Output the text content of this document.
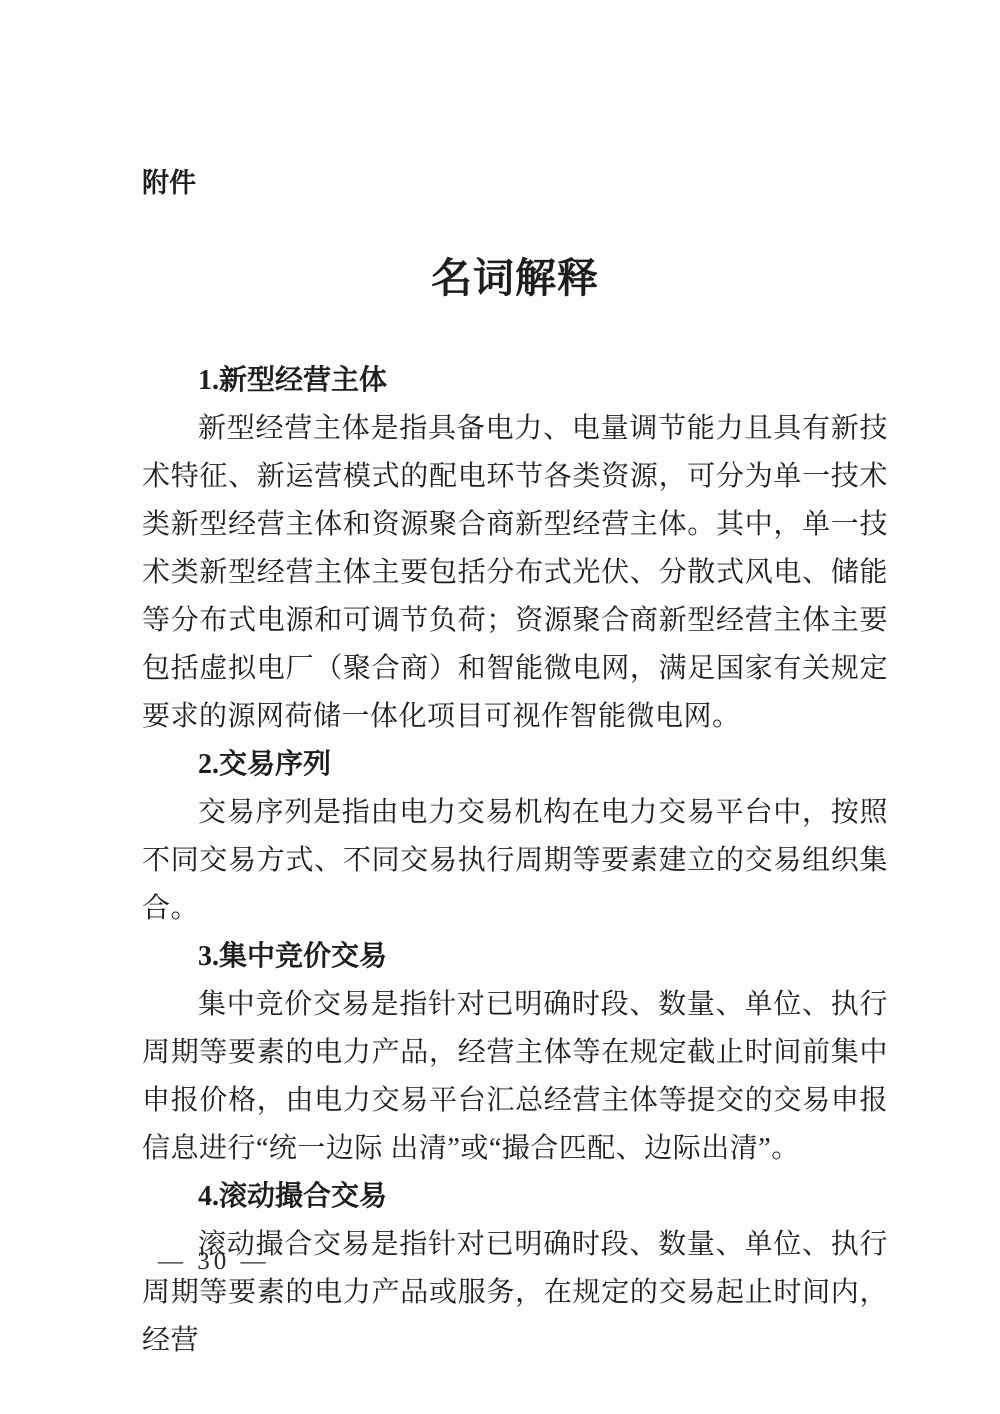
附件
名词解释
1.新型经营主体

新型经营主体是指具备电力、电量调节能力且具有新技术特征、新运营模式的配电环节各类资源，可分为单一技术类新型经营主体和资源聚合商新型经营主体。其中，单一技术类新型经营主体主要包括分布式光伏、分散式风电、储能等分布式电源和可调节负荷；资源聚合商新型经营主体主要包括虚拟电厂（聚合商）和智能微电网，满足国家有关规定要求的源网荷储一体化项目可视作智能微电网。

2.交易序列

交易序列是指由电力交易机构在电力交易平台中，按照不同交易方式、不同交易执行周期等要素建立的交易组织集合。

3.集中竞价交易

集中竞价交易是指针对已明确时段、数量、单位、执行周期等要素的电力产品，经营主体等在规定截止时间前集中申报价格，由电力交易平台汇总经营主体等提交的交易申报信息进行“统一边际 出清”或“撮合匹配、边际出清”。

4.滚动撮合交易

滚动撮合交易是指针对已明确时段、数量、单位、执行周期等要素的电力产品或服务，在规定的交易起止时间内，经营

— 30 —
